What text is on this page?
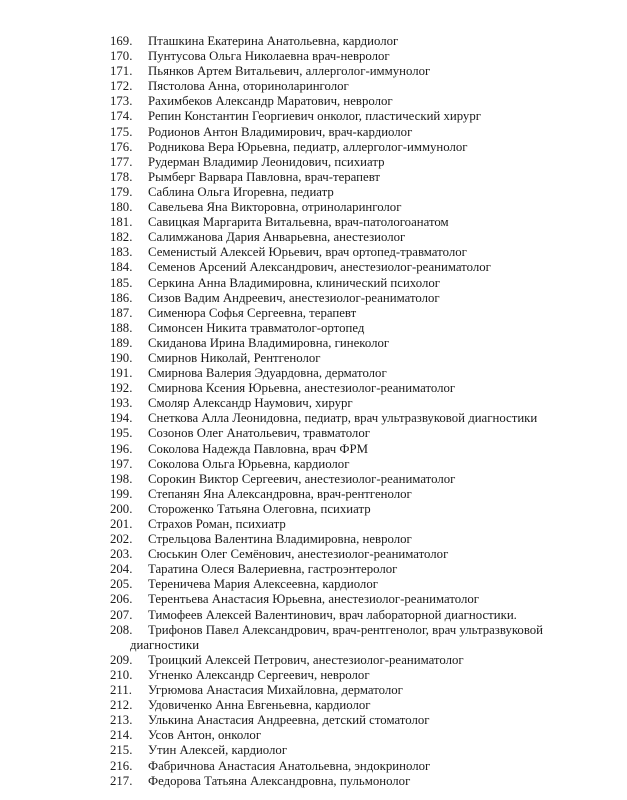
169. Пташкина Екатерина Анатольевна, кардиолог
170. Пунтусова Ольга Николаевна врач-невролог
171. Пьянков Артем Витальевич, аллерголог-иммунолог
172. Пястолова Анна, оториноларинголог
173. Рахимбеков Александр Маратович, невролог
174. Репин Константин Георгиевич онколог, пластический хирург
175. Родионов Антон Владимирович, врач-кардиолог
176. Родникова Вера Юрьевна, педиатр, аллерголог-иммунолог
177. Рудерман Владимир Леонидович, психиатр
178. Рымберг Варвара Павловна, врач-терапевт
179. Саблина Ольга Игоревна, педиатр
180. Савельева Яна Викторовна, отриноларинголог
181. Савицкая Маргарита Витальевна, врач-патологоанатом
182. Салимжанова Дария Анварьевна, анестезиолог
183. Семенистый Алексей Юрьевич, врач ортопед-травматолог
184. Семенов Арсений Александрович, анестезиолог-реаниматолог
185. Серкина Анна Владимировна, клинический психолог
186. Сизов Вадим Андреевич, анестезиолог-реаниматолог
187. Сименюра Софья Сергеевна, терапевт
188. Симонсен Никита травматолог-ортопед
189. Скиданова Ирина Владимировна, гинеколог
190. Смирнов Николай, Рентгенолог
191. Смирнова Валерия Эдуардовна, дерматолог
192. Смирнова Ксения Юрьевна, анестезиолог-реаниматолог
193. Смоляр Александр Наумович, хирург
194. Снеткова Алла Леонидовна, педиатр, врач ультразвуковой диагностики
195. Созонов Олег Анатольевич, травматолог
196. Соколова Надежда Павловна, врач ФРМ
197. Соколова Ольга Юрьевна, кардиолог
198. Сорокин Виктор Сергеевич, анестезиолог-реаниматолог
199. Степанян Яна Александровна, врач-рентгенолог
200. Стороженко Татьяна Олеговна, психиатр
201. Страхов Роман, психиатр
202. Стрельцова Валентина Владимировна, невролог
203. Сюськин Олег Семёнович, анестезиолог-реаниматолог
204. Таратина Олеся Валериевна, гастроэнтеролог
205. Тереничева Мария Алексеевна, кардиолог
206. Терентьева Анастасия Юрьевна, анестезиолог-реаниматолог
207. Тимофеев Алексей Валентинович, врач лабораторной диагностики.
208. Трифонов Павел Александрович, врач-рентгенолог, врач ультразвуковой
диагностики
209. Троицкий Алексей Петрович, анестезиолог-реаниматолог
210. Угненко Александр Сергеевич, невролог
211. Угрюмова Анастасия Михайловна, дерматолог
212. Удовиченко Анна Евгеньевна, кардиолог
213. Улькина Анастасия Андреевна, детский стоматолог
214. Усов Антон, онколог
215. Утин Алексей, кардиолог
216. Фабричнова Анастасия Анатольевна, эндокринолог
217. Федорова Татьяна Александровна, пульмонолог
